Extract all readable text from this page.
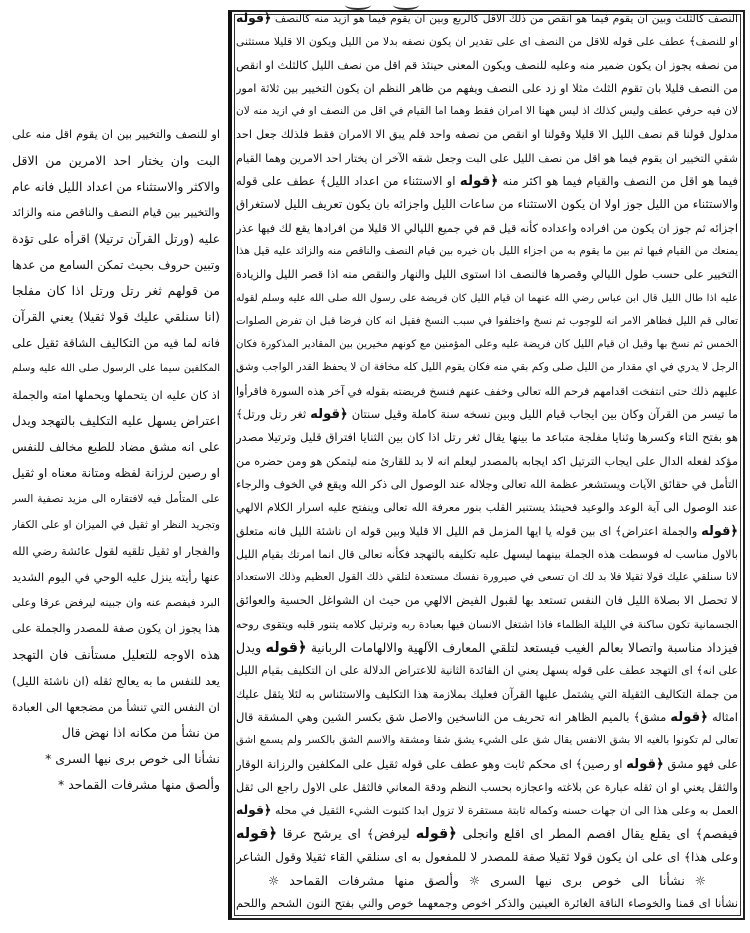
النصف كالثلث وبين ان يقوم فيما هو انقص من ذلك الاقل كالربع وبين ان يقوم فيما هو ازيد منه كالنصف ﴿قوله
او للنصف﴾ عطف على قوله للاقل من النصف اى على تقدير ان يكون نصفه بدلا من الليل ويكون الا قليلا مستثنى
من نصفه يجوز ان يكون ضمير منه وعليه للنصف ويكون المعنى حينئذ قم اقل من نصف الليل كالثلث او انقص
من النصف قليلا بان تقوم الثلث مثلا او زد على النصف ويفهم من ظاهر النظم ان يكون التخيير بين ثلاثة امور
لان فيه حرفي عطف وليس كذلك اذ ليس ههنا الا امران فقط وهما اما القيام في اقل من النصف او في ازيد منه لان
مدلول قولنا قم نصف الليل الا قليلا وقولنا او انقص من نصفه واحد فلم يبق الا الامران فقط فلذلك جعل احد
شقي التخيير ان يقوم فيما هو اقل من نصف الليل على البت وجعل شقه الآخر ان يختار احد الامرين وهما القيام
فيما هو اقل من النصف والقيام فيما هو اكثر منه ﴿قوله او الاستثناء من اعداد الليل﴾ عطف على قوله
والاستثناء من الليل جوز اولا ان يكون الاستثناء من ساعات الليل واجزائه بان يكون تعريف الليل لاستغراق
اجزائه ثم جوز ان يكون من افراده واعداده كأنه قيل قم في جميع الليالي الا قليلا من افرادها يقع لك فيها عذر
يمنعك من القيام فيها ثم بين ما يقوم به من اجزاء الليل بان خيره بين قيام النصف والناقص منه والزائد عليه قيل هذا
التخيير على حسب طول الليالي وقصرها فالنصف اذا استوى الليل والنهار والنقص منه اذا قصر الليل والزيادة
عليه اذا طال الليل قال ابن عباس رضي الله عنهما ان قيام الليل كان فريضة على رسول الله صلى الله عليه وسلم لقوله
تعالى قم الليل فظاهر الامر انه للوجوب ثم نسخ واختلفوا في سبب النسخ فقيل انه كان فرضا قبل ان تفرض الصلوات
الخمس ثم نسخ بها وقيل ان قيام الليل كان فريضة عليه وعلى المؤمنين مع كونهم مخيرين بين المقادير المذكورة فكان
الرجل لا يدري في اي مقدار من الليل صلى وكم بقي منه فكان يقوم الليل كله مخافة ان لا يحفظ القدر الواجب وشق
عليهم ذلك حتى انتفخت اقدامهم فرحم الله تعالى وخفف عنهم فنسخ فريضته بقوله في آخر هذه السورة فاقرأوا
ما تيسر من القرآن وكان بين ايجاب قيام الليل وبين نسخه سنة كاملة وقيل سنتان ﴿قوله ثغر رتل ورتل﴾
هو بفتح التاء وكسرها وثنايا مفلجة متباعد ما بينها يقال ثغر رتل اذا كان بين الثنايا افتراق قليل وترتيلا مصدر
مؤكد لفعله الدال على ايجاب الترتيل اكد ايجابه بالمصدر ليعلم انه لا بد للقارئ منه ليتمكن هو ومن حضره من
التأمل في حقائق الآيات ويستشعر عظمة الله تعالى وجلاله عند الوصول الى ذكر الله ويقع في الخوف والرجاء
عند الوصول الى آية الوعد والوعيد فحينئذ يستنير القلب بنور معرفة الله تعالى وينفتح عليه اسرار الكلام الالهي
﴿قوله والجملة اعتراض﴾ اى بين قوله يا ايها المزمل قم الليل الا قليلا وبين قوله ان ناشئة الليل فانه متعلق
بالاول مناسب له فوسطت هذه الجملة بينهما ليسهل عليه تكليفه بالتهجد فكأنه تعالى قال انما امرتك بقيام الليل
لانا سنلقي عليك قولا ثقيلا فلا بد لك ان تسعى في صيرورة نفسك مستعدة لتلقي ذلك القول العظيم وذلك الاستعداد
لا تحصل الا بصلاة الليل فان النفس تستعد بها لقبول الفيض الالهي من حيث ان الشواغل الحسية والعوائق
الجسمانية تكون ساكنة في الليلة الظلماء فاذا اشتغل الانسان فيها بعبادة ربه وترتيل كلامه يتنور قلبه ويتقوى روحه
فيزداد مناسبة واتصالا بعالم الغيب فيستعد لتلقي المعارف الآلهية والالهامات الربانية ﴿قوله ويدل
على انه﴾ اى التهجد عطف على قوله يسهل يعني ان الفائدة الثانية للاعتراض الدلالة على ان التكليف بقيام الليل
من جملة التكاليف الثقيلة التي يشتمل عليها القرآن فعليك بملازمة هذا التكليف والاستئناس به لئلا يثقل عليك
امثاله ﴿قوله مشق﴾ بالميم الظاهر انه تحريف من الناسخين والاصل شق بكسر الشين وهي المشقة قال
تعالى لم تكونوا بالغيه الا بشق الانفس يقال شق على الشيء يشق شقا ومشقة والاسم الشق بالكسر ولم يسمع اشق
على فهو مشق ﴿قوله او رصين﴾ اى محكم ثابت وهو عطف على قوله ثقيل على المكلفين والرزانة الوقار
والثقل يعني او ان ثقله عبارة عن بلاغته واعجازه بحسب النظم ودقة المعاني فالثقل على الاول راجع الى ثقل
العمل به وعلى هذا الى ان جهات حسنه وكماله ثابتة مستقرة لا تزول ابدا كثبوت الشيء الثقيل في محله ﴿قوله
فيفصم﴾ اى يقلع يقال افصم المطر اى اقلع وانجلى ﴿قوله ليرفض﴾ اى يرشح عرقا ﴿قوله
وعلى هذا﴾ اى على ان يكون قولا ثقيلا صفة للمصدر لا للمفعول به اى سنلقي القاء ثقيلا وقول الشاعر
☼ نشأنا الى خوص برى نيها السرى ☼ وألصق منها مشرفات القماحد ☼
نشأنا اى قمنا والخوصاء الناقة الغائرة العينين والذكر اخوص وجمعهما خوص والني بفتح النون الشحم واللحم
او للنصف والتخيير بين ان يقوم اقل منه على
البت وان يختار احد الامرين من الاقل
والاكثر والاستثناء من اعداد الليل فانه عام
والتخيير بين قيام النصف والناقص منه والزائد
عليه (ورتل القرآن ترتيلا) اقرأه على تؤدة
وتبين حروف بحيث تمكن السامع من عدها
من قولهم ثغر رتل ورتل اذا كان مفلجا
(انا سنلقي عليك قولا ثقيلا) يعني القرآن
فانه لما فيه من التكاليف الشاقة ثقيل على
المكلفين سيما على الرسول صلى الله عليه وسلم
اذ كان عليه ان يتحملها ويحملها امته والجملة
اعتراض يسهل عليه التكليف بالتهجد ويدل
على انه مشق مضاد للطبع مخالف للنفس
او رصين لرزانة لفظه ومتانة معناه او ثقيل
على المتأمل فيه لافتقاره الى مزيد تصفية السر
وتجريد النظر او ثقيل في الميزان او على الكفار
والفجار او ثقيل تلقيه لقول عائشة رضي الله
عنها رأيته ينزل عليه الوحي في اليوم الشديد
البرد فيفصم عنه وان جبينه ليرفض عرقا وعلى
هذا يجوز ان يكون صفة للمصدر والجملة على
هذه الاوجه للتعليل مستأنف فان التهجد
يعد للنفس ما به يعالج ثقله (ان ناشئة الليل)
ان النفس التي تنشأ من مضجعها الى العبادة
من نشأ من مكانه اذا نهض قال
نشأنا الى خوص برى نيها السرى *
وألصق منها مشرفات القماحد *
